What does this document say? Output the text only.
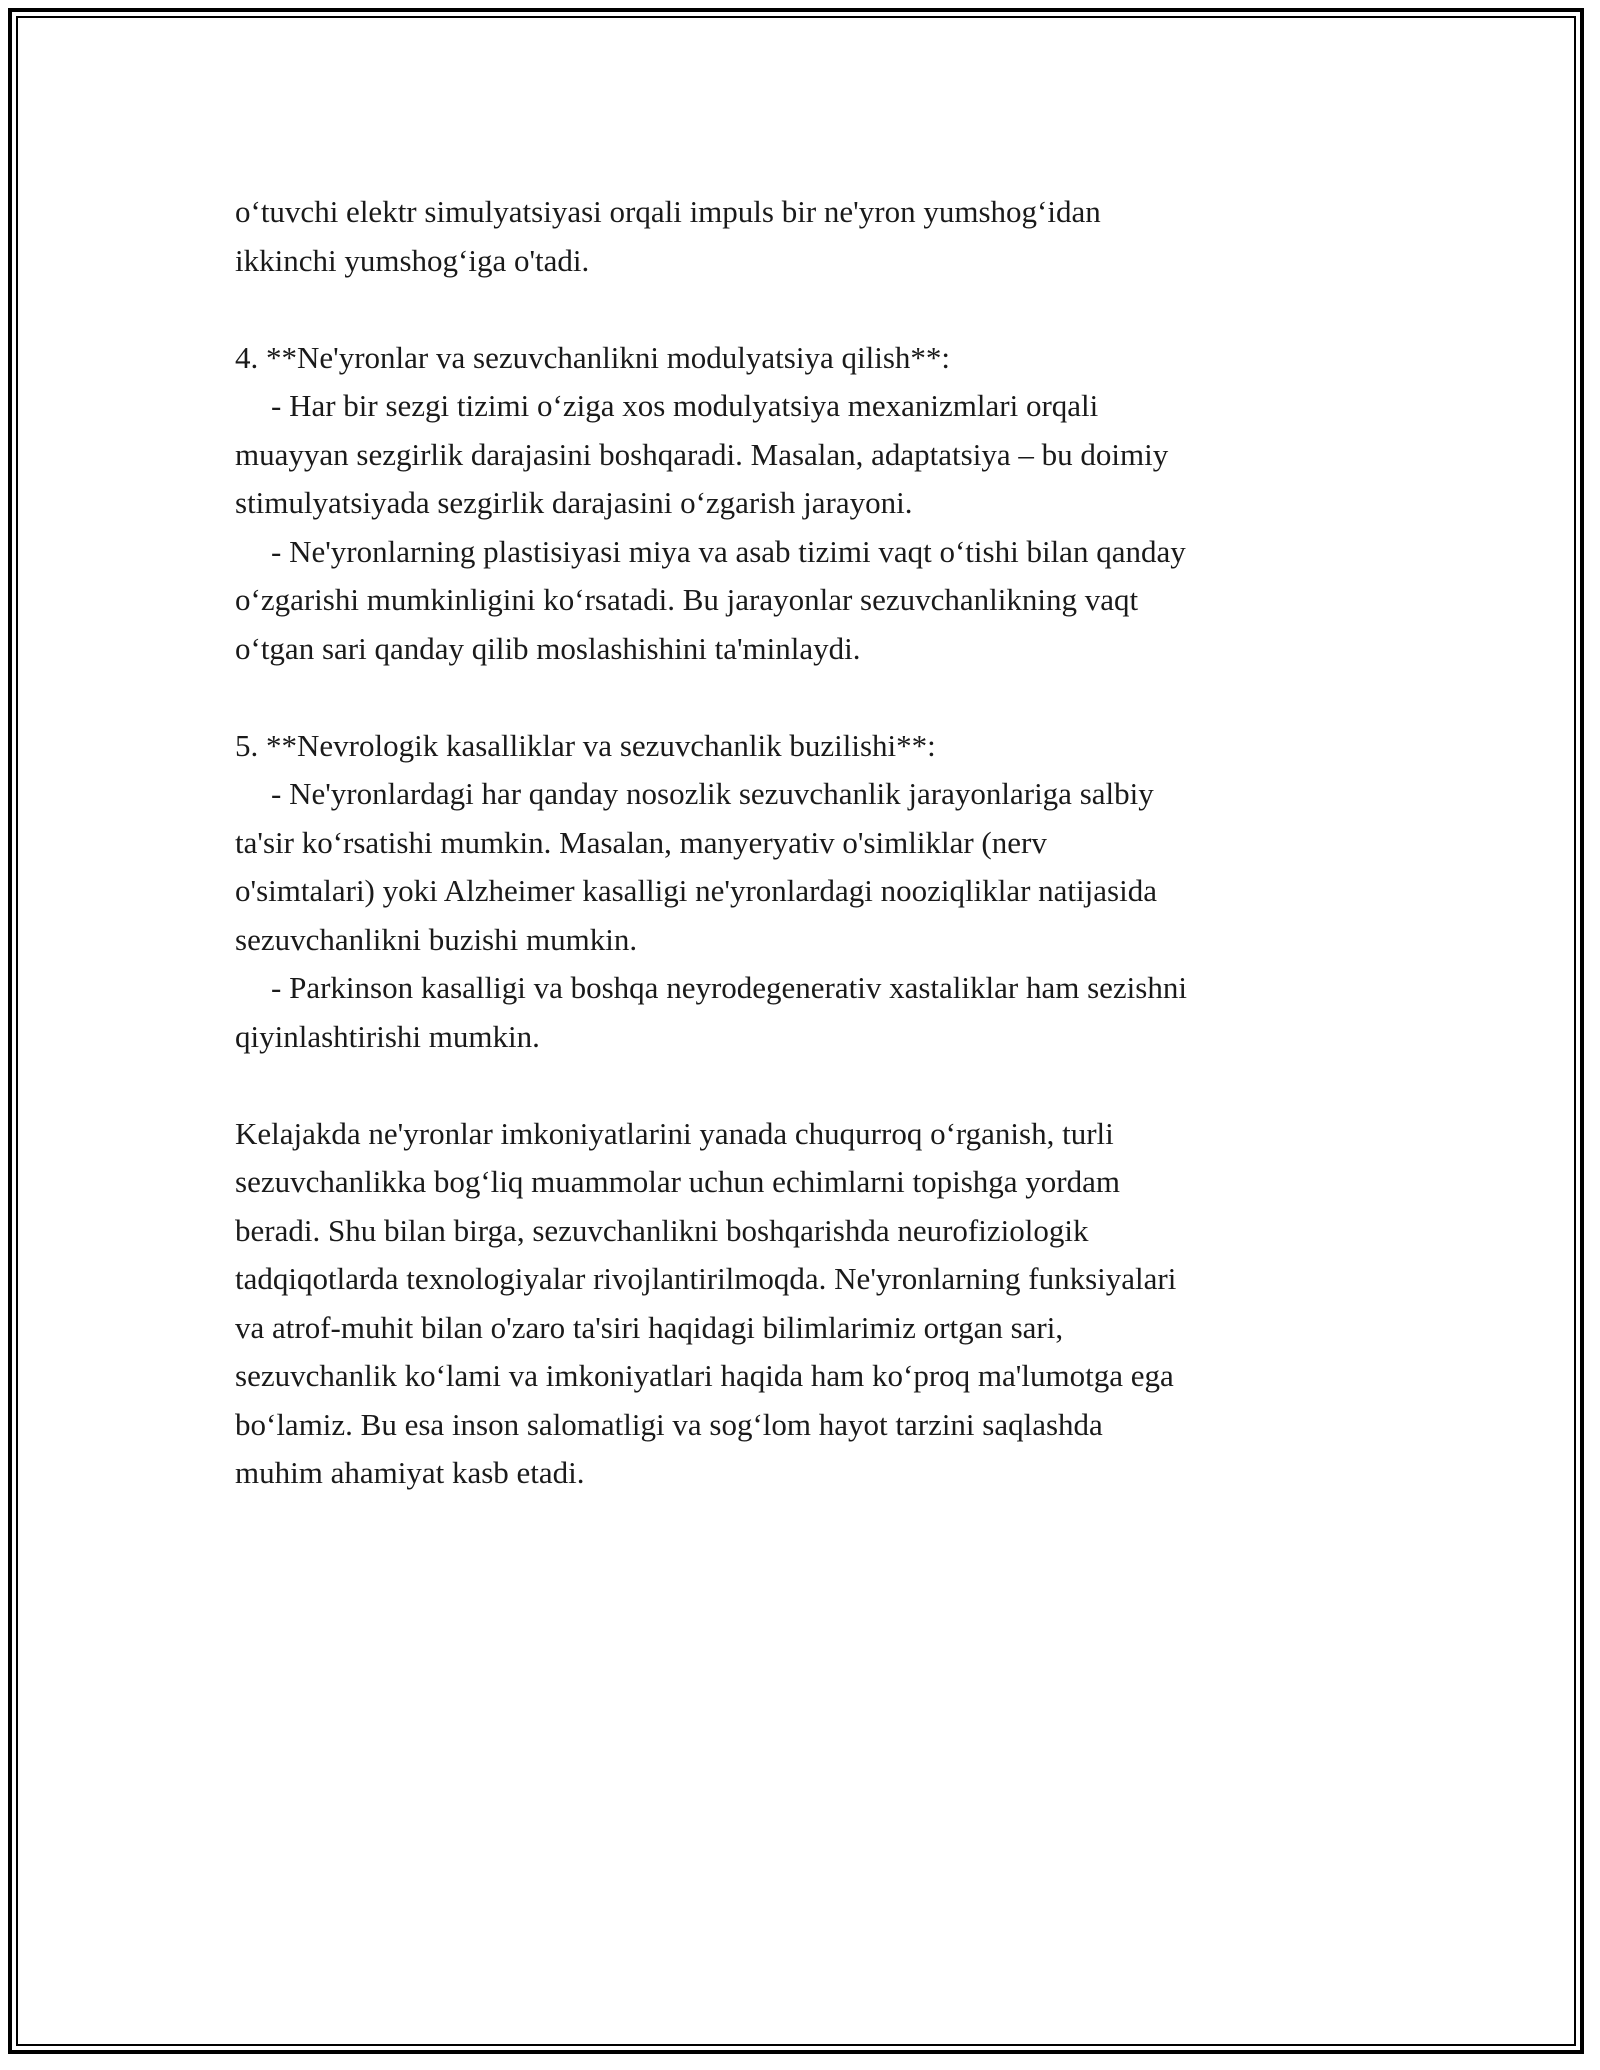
o‘tuvchi elektr simulyatsiyasi orqali impuls bir ne'yron yumshog‘idan
ikkinchi yumshog‘iga o'tadi.
4. **Ne'yronlar va sezuvchanlikni modulyatsiya qilish**:
- Har bir sezgi tizimi o‘ziga xos modulyatsiya mexanizmlari orqali
muayyan sezgirlik darajasini boshqaradi. Masalan, adaptatsiya – bu doimiy
stimulyatsiyada sezgirlik darajasini o‘zgarish jarayoni.
- Ne'yronlarning plastisiyasi miya va asab tizimi vaqt o‘tishi bilan qanday
o‘zgarishi mumkinligini ko‘rsatadi. Bu jarayonlar sezuvchanlikning vaqt
o‘tgan sari qanday qilib moslashishini ta'minlaydi.
5. **Nevrologik kasalliklar va sezuvchanlik buzilishi**:
- Ne'yronlardagi har qanday nosozlik sezuvchanlik jarayonlariga salbiy
ta'sir ko‘rsatishi mumkin. Masalan, manyeryativ o'simliklar (nerv
o'simtalari) yoki Alzheimer kasalligi ne'yronlardagi nooziqliklar natijasida
sezuvchanlikni buzishi mumkin.
- Parkinson kasalligi va boshqa neyrodegenerativ xastaliklar ham sezishni
qiyinlashtirishi mumkin.
Kelajakda ne'yronlar imkoniyatlarini yanada chuqurroq o‘rganish, turli
sezuvchanlikka bog‘liq muammolar uchun echimlarni topishga yordam
beradi. Shu bilan birga, sezuvchanlikni boshqarishda neurofiziologik
tadqiqotlarda texnologiyalar rivojlantirilmoqda. Ne'yronlarning funksiyalari
va atrof-muhit bilan o'zaro ta'siri haqidagi bilimlarimiz ortgan sari,
sezuvchanlik ko‘lami va imkoniyatlari haqida ham ko‘proq ma'lumotga ega
bo‘lamiz. Bu esa inson salomatligi va sog‘lom hayot tarzini saqlashda
muhim ahamiyat kasb etadi.
